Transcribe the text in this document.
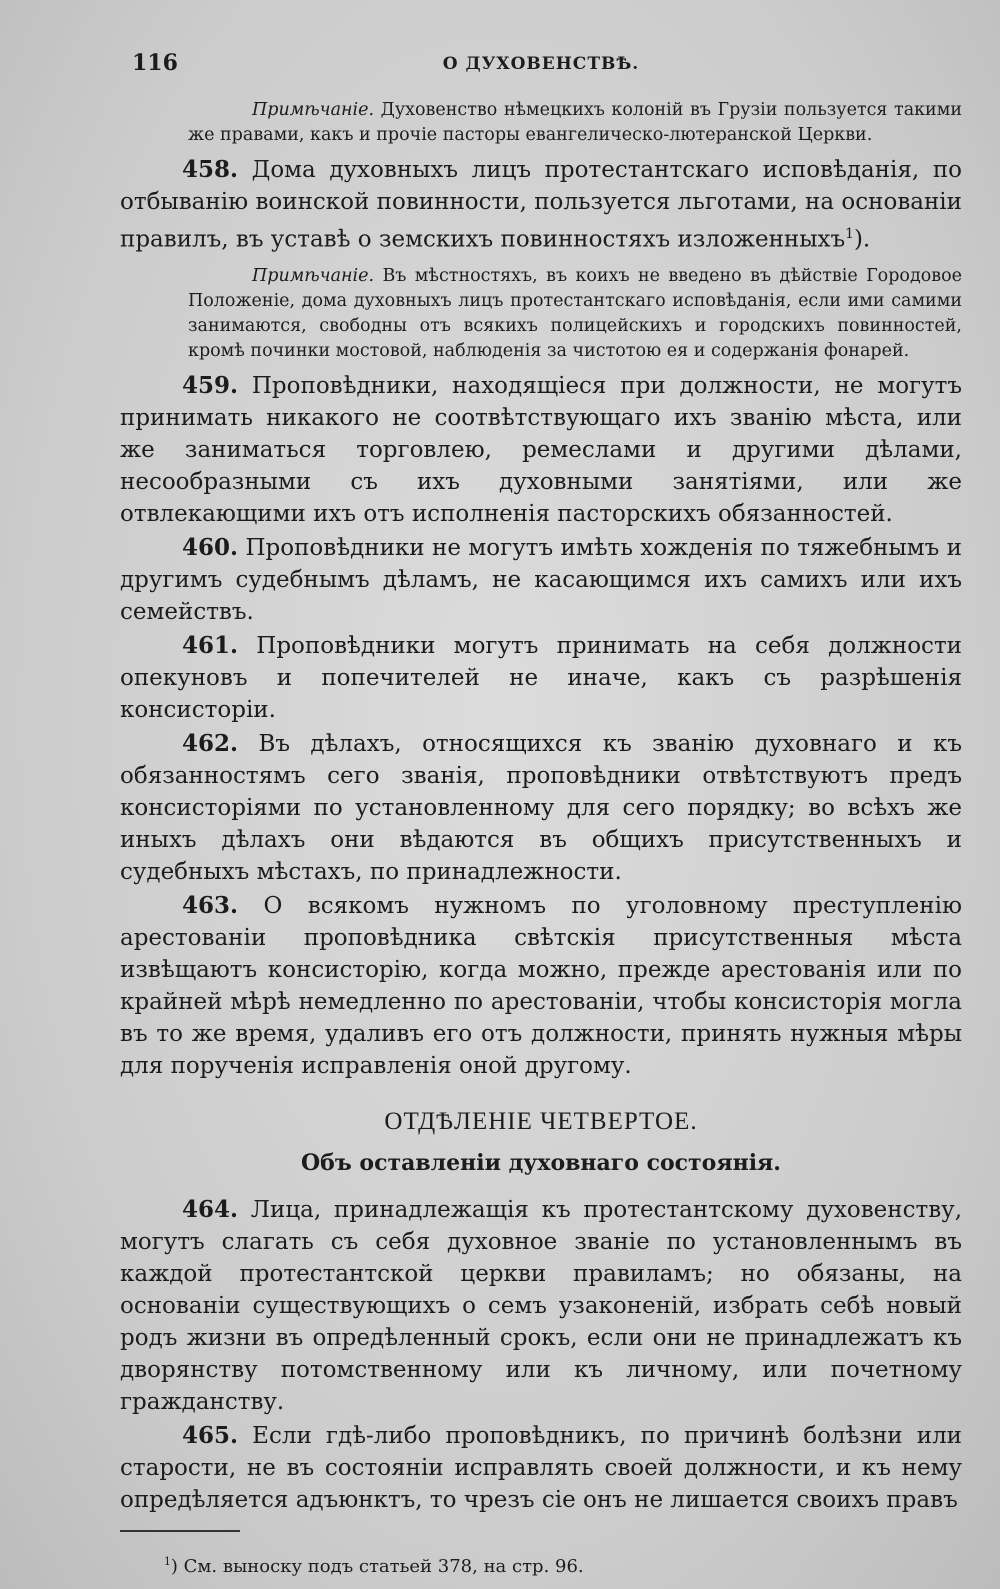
116	О ДУХОВЕНСТВѢ.

Примѣчаніе. Духовенство нѣмецкихъ колоній въ Грузіи пользуется такими же правами, какъ и прочіе пасторы евангелическо-лютеранской Церкви.

458. Дома духовныхъ лицъ протестантскаго исповѣданія, по отбыванію воинской повинности, пользуется льготами, на основаніи правилъ, въ уставѣ о земскихъ повинностяхъ изложенныхъ$^1$).

Примѣчаніе. Въ мѣстностяхъ, въ коихъ не введено въ дѣйствіе Городовое Положеніе, дома духовныхъ лицъ протестантскаго исповѣданія, если ими самими занимаются, свободны отъ всякихъ полицейскихъ и городскихъ повинностей, кромѣ починки мостовой, наблюденія за чистотою ея и содержанія фонарей.

459. Проповѣдники, находящіеся при должности, не могутъ принимать никакого не соотвѣтствующаго ихъ званію мѣста, или же заниматься торговлею, ремеслами и другими дѣлами, несообразными съ ихъ духовными занятіями, или же отвлекающими ихъ отъ исполненія пасторскихъ обязанностей.

460. Проповѣдники не могутъ имѣть хожденія по тяжебнымъ и другимъ судебнымъ дѣламъ, не касающимся ихъ самихъ или ихъ семействъ.

461. Проповѣдники могутъ принимать на себя должности опекуновъ и попечителей не иначе, какъ съ разрѣшенія консисторіи.

462. Въ дѣлахъ, относящихся къ званію духовнаго и къ обязанностямъ сего званія, проповѣдники отвѣтствуютъ предъ консисторіями по установленному для сего порядку; во всѣхъ же иныхъ дѣлахъ они вѣдаются въ общихъ присутственныхъ и судебныхъ мѣстахъ, по принадлежности.

463. О всякомъ нужномъ по уголовному преступленію арестованіи проповѣдника свѣтскія присутственныя мѣста извѣщаютъ консисторію, когда можно, прежде арестованія или по крайней мѣрѣ немедленно по арестованіи, чтобы консисторія могла въ то же время, удаливъ его отъ должности, принять нужныя мѣры для порученія исправленія оной другому.

ОТДѢЛЕНІЕ ЧЕТВЕРТОЕ.
Объ оставленіи духовнаго состоянія.

464. Лица, принадлежащія къ протестантскому духовенству, могутъ слагать съ себя духовное званіе по установленнымъ въ каждой протестантской церкви правиламъ; но обязаны, на основаніи существующихъ о семъ узаконеній, избрать себѣ новый родъ жизни въ опредѣленный срокъ, если они не принадлежатъ къ дворянству потомственному или къ личному, или почетному гражданству.

465. Если гдѣ-либо проповѣдникъ, по причинѣ болѣзни или старости, не въ состояніи исправлять своей должности, и къ нему опредѣляется адъюнктъ, то чрезъ сіе онъ не лишается своихъ правъ

$^1$) См. выноску подъ статьей 378, на стр. 96.
